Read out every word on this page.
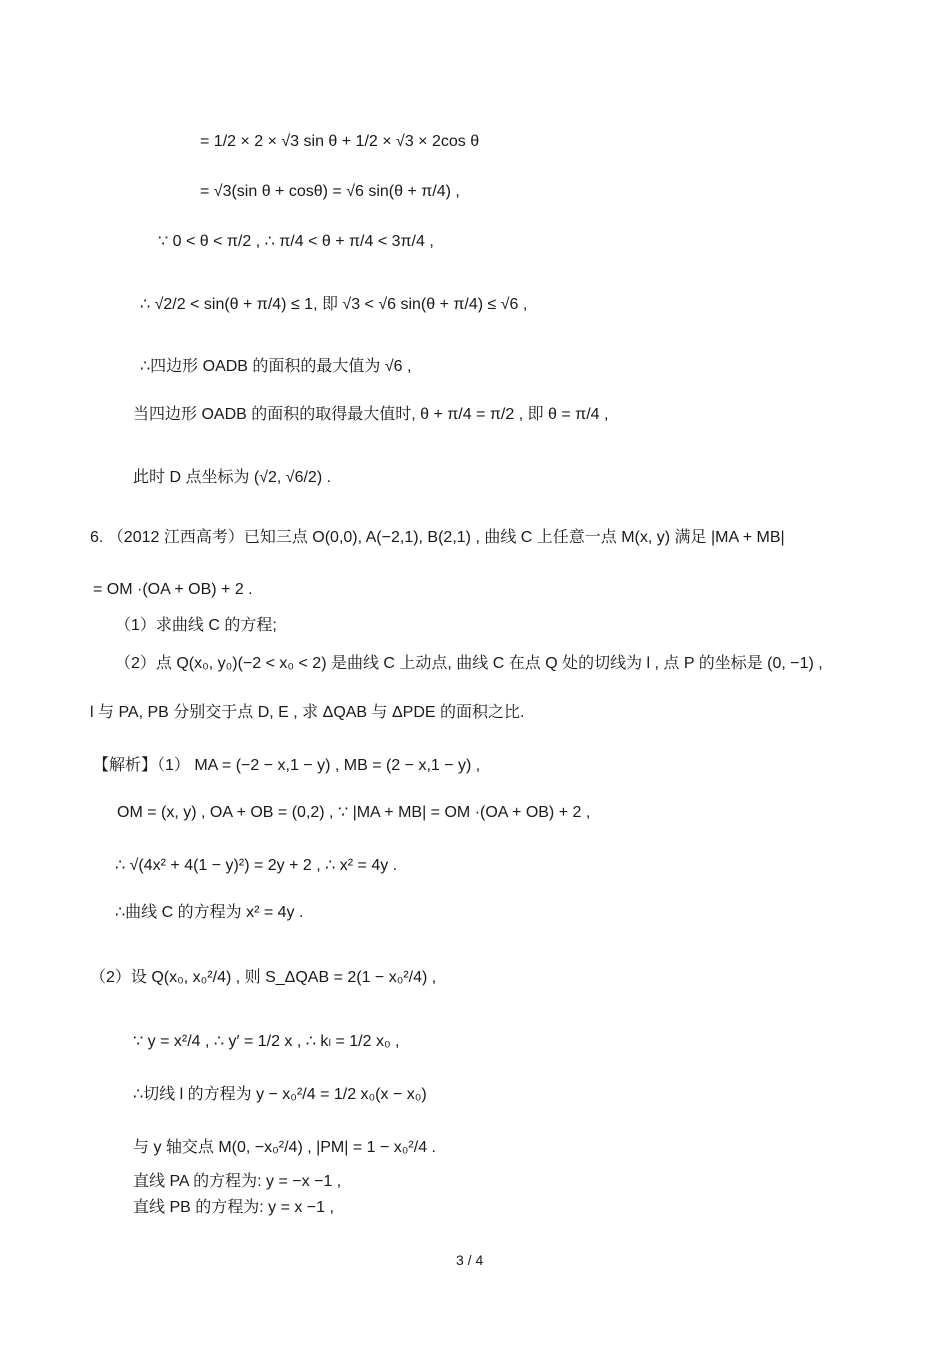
= 1/2 × 2 × √3 sin θ + 1/2 × √3 × 2cos θ
= √3(sin θ + cosθ) = √6 sin(θ + π/4) ,
∵ 0 < θ < π/2 , ∴ π/4 < θ + π/4 < 3π/4 ,
∴ √2/2 < sin(θ + π/4) ≤ 1, 即 √3 < √6 sin(θ + π/4) ≤ √6 ,
∴四边形 OADB 的面积的最大值为 √6 ,
当四边形 OADB 的面积的取得最大值时, θ + π/4 = π/2 , 即 θ = π/4 ,
此时 D 点坐标为 (√2, √6/2) .
6. （2012 江西高考）已知三点 O(0,0), A(−2,1), B(2,1) , 曲线 C 上任意一点 M(x, y) 满足 |MA + MB|
= OM ·(OA + OB) + 2 .
（1）求曲线 C 的方程;
（2）点 Q(x₀, y₀)(−2 < x₀ < 2) 是曲线 C 上动点, 曲线 C 在点 Q 处的切线为 l , 点 P 的坐标是 (0, −1) ,
l 与 PA, PB 分别交于点 D, E , 求 ΔQAB 与 ΔPDE 的面积之比.
【解析】（1） MA = (−2 − x,1 − y) , MB = (2 − x,1 − y) ,
OM = (x, y) , OA + OB = (0,2) , ∵ |MA + MB| = OM ·(OA + OB) + 2 ,
∴ √(4x² + 4(1 − y)²) = 2y + 2 , ∴ x² = 4y .
∴曲线 C 的方程为 x² = 4y .
（2）设 Q(x₀, x₀²/4) , 则 S_ΔQAB = 2(1 − x₀²/4) ,
∵ y = x²/4 , ∴ y′ = 1/2 x , ∴ kₗ = 1/2 x₀ ,
∴切线 l 的方程为 y − x₀²/4 = 1/2 x₀(x − x₀)
与 y 轴交点 M(0, −x₀²/4) , |PM| = 1 − x₀²/4 .
直线 PA 的方程为: y = −x −1 ,
直线 PB 的方程为: y = x −1 ,
3 / 4
